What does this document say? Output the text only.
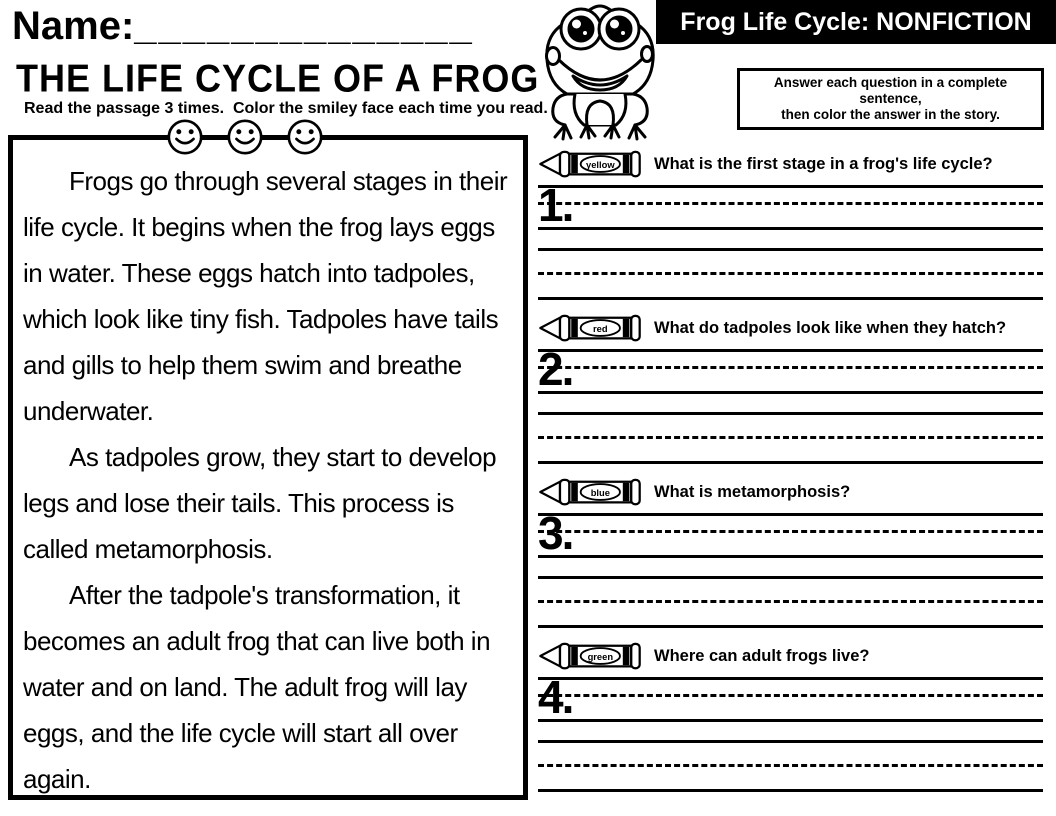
Name:______________
THE LIFE CYCLE OF A FROG
Read the passage 3 times.  Color the smiley face each time you read.

Frogs go through several stages in their life cycle. It begins when the frog lays eggs in water. These eggs hatch into tadpoles, which look like tiny fish. Tadpoles have tails and gills to help them swim and breathe underwater.

As tadpoles grow, they start to develop legs and lose their tails. This process is called metamorphosis.

After the tadpole's transformation, it becomes an adult frog that can live both in water and on land. The adult frog will lay eggs, and the life cycle will start all over again.

Frog Life Cycle: NONFICTION
Answer each question in a complete sentence,
then color the answer in the story.
yellow What is the first stage in a frog's life cycle?
1.
red	What do tadpoles look like when they hatch?
2.
blue	What is metamorphosis?
3.
green Where can adult frogs live?
4.
